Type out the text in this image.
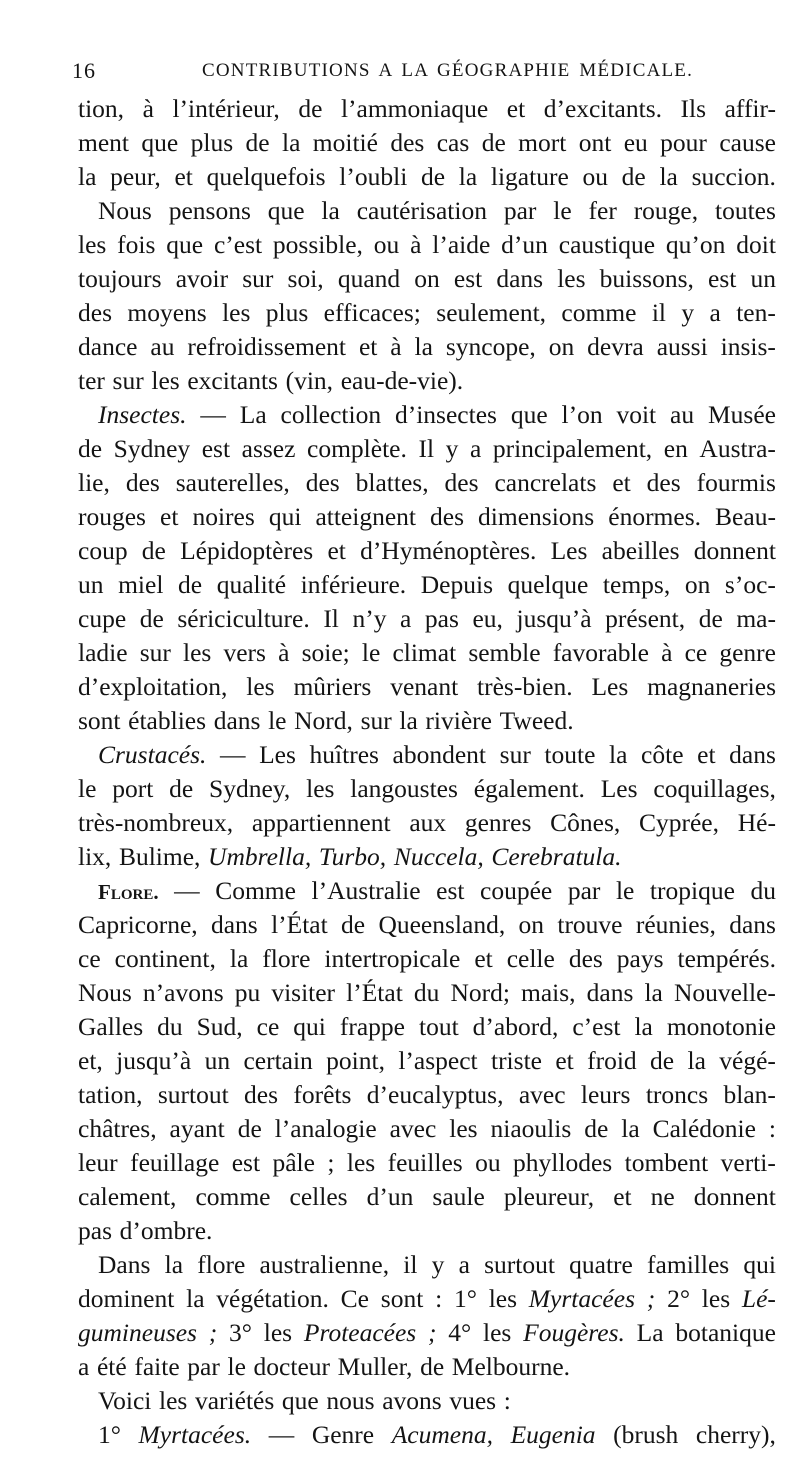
16	CONTRIBUTIONS A LA GÉOGRAPHIE MÉDICALE.
tion, à l’intérieur, de l’ammoniaque et d’excitants. Ils affir-
ment que plus de la moitié des cas de mort ont eu pour cause
la peur, et quelquefois l’oubli de la ligature ou de la succion.
Nous pensons que la cautérisation par le fer rouge, toutes
les fois que c’est possible, ou à l’aide d’un caustique qu’on doit
toujours avoir sur soi, quand on est dans les buissons, est un
des moyens les plus efficaces; seulement, comme il y a ten-
dance au refroidissement et à la syncope, on devra aussi insis-
ter sur les excitants (vin, eau-de-vie).
Insectes. — La collection d’insectes que l’on voit au Musée
de Sydney est assez complète. Il y a principalement, en Austra-
lie, des sauterelles, des blattes, des cancrelats et des fourmis
rouges et noires qui atteignent des dimensions énormes. Beau-
coup de Lépidoptères et d’Hyménoptères. Les abeilles donnent
un miel de qualité inférieure. Depuis quelque temps, on s’oc-
cupe de sériciculture. Il n’y a pas eu, jusqu’à présent, de ma-
ladie sur les vers à soie; le climat semble favorable à ce genre
d’exploitation, les mûriers venant très-bien. Les magnaneries
sont établies dans le Nord, sur la rivière Tweed.
Crustacés. — Les huîtres abondent sur toute la côte et dans
le port de Sydney, les langoustes également. Les coquillages,
très-nombreux, appartiennent aux genres Cônes, Cyprée, Hé-
lix, Bulime, Umbrella, Turbo, Nuccela, Cerebratula.
Flore. — Comme l’Australie est coupée par le tropique du
Capricorne, dans l’État de Queensland, on trouve réunies, dans
ce continent, la flore intertropicale et celle des pays tempérés.
Nous n’avons pu visiter l’État du Nord; mais, dans la Nouvelle-
Galles du Sud, ce qui frappe tout d’abord, c’est la monotonie
et, jusqu’à un certain point, l’aspect triste et froid de la végé-
tation, surtout des forêts d’eucalyptus, avec leurs troncs blan-
châtres, ayant de l’analogie avec les niaoulis de la Calédonie :
leur feuillage est pâle ; les feuilles ou phyllodes tombent verti-
calement, comme celles d’un saule pleureur, et ne donnent
pas d’ombre.
Dans la flore australienne, il y a surtout quatre familles qui
dominent la végétation. Ce sont : 1° les Myrtacées ; 2° les Lé-
gumineuses ; 3° les Proteacées ; 4° les Fougères. La botanique
a été faite par le docteur Muller, de Melbourne.
Voici les variétés que nous avons vues :
1° Myrtacées. — Genre Acumena, Eugenia (brush cherry),
